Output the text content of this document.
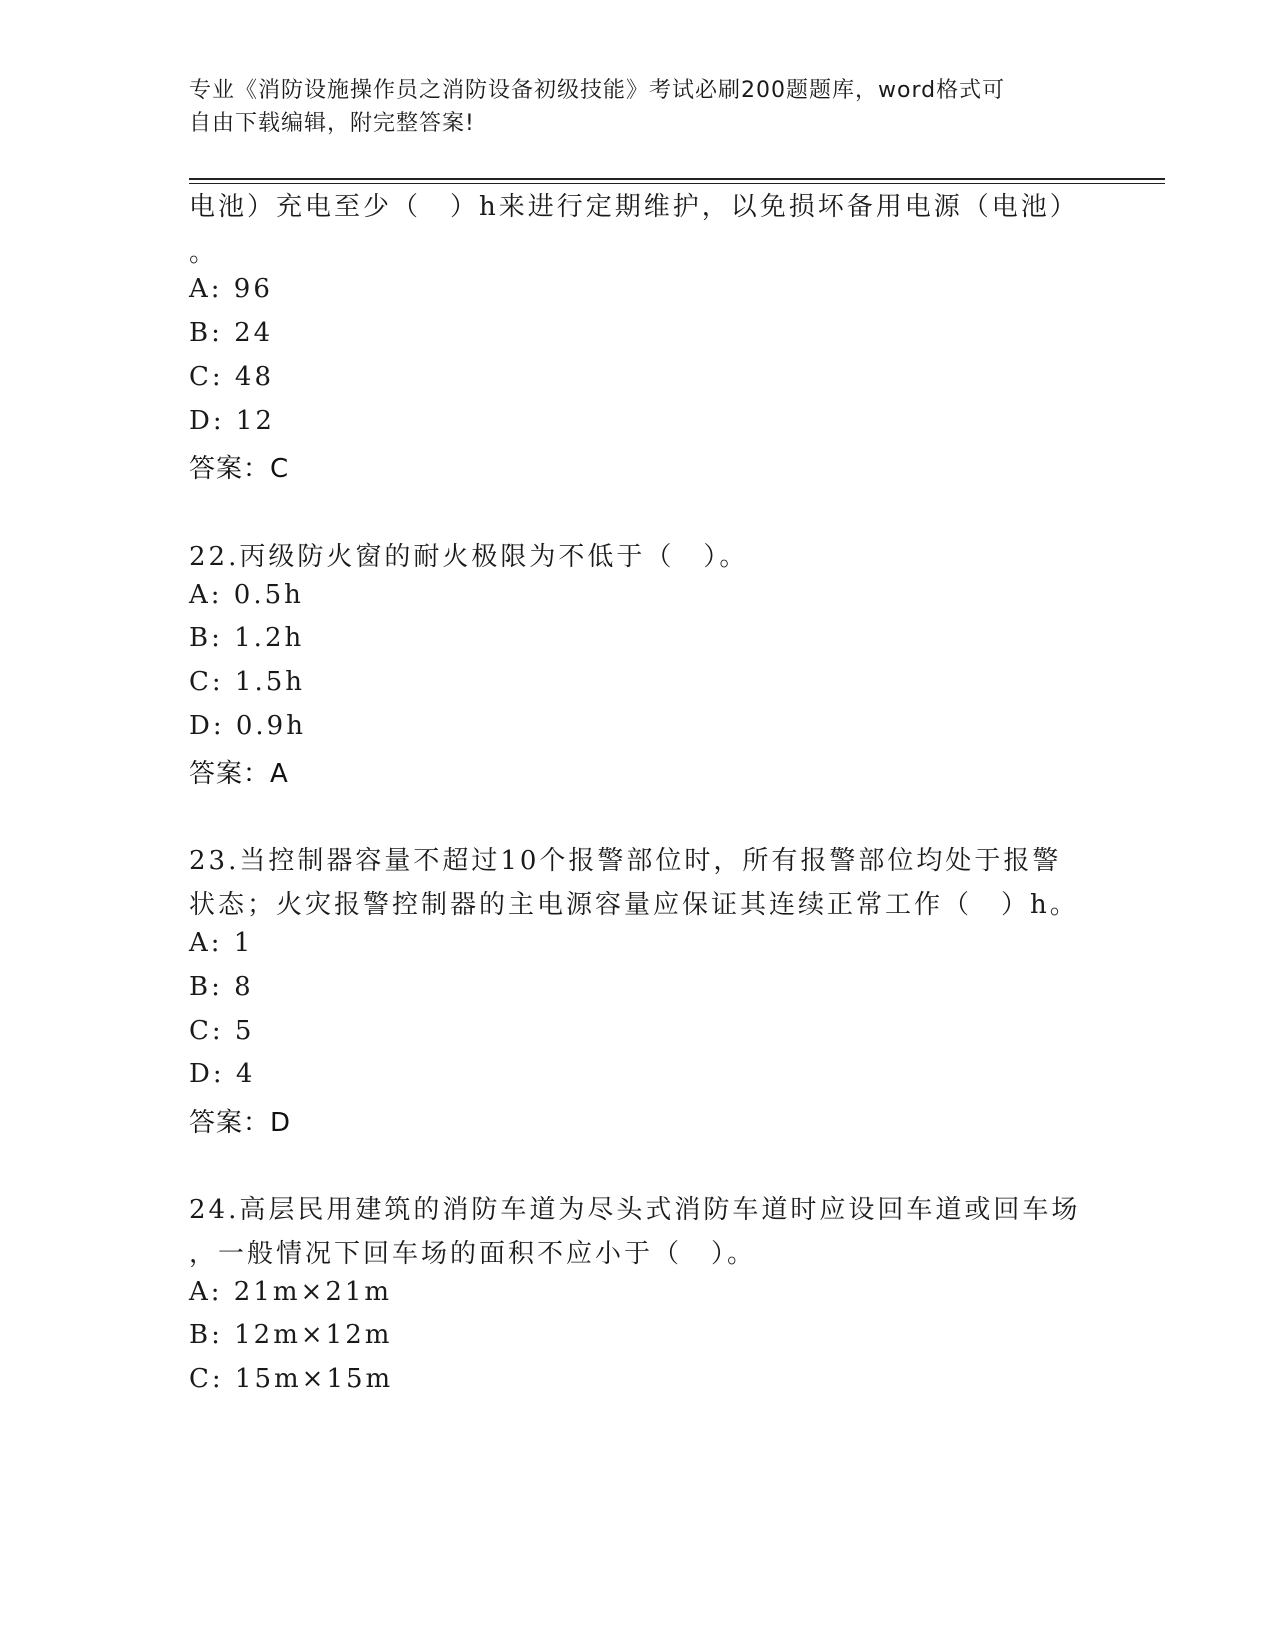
专业《消防设施操作员之消防设备初级技能》考试必刷200题题库，word格式可
自由下载编辑，附完整答案!
电池）充电至少（　）h来进行定期维护，以免损坏备用电源（电池）
。
A: 96
B: 24
C: 48
D: 12
答案：C
22.丙级防火窗的耐火极限为不低于（　）。
A: 0.5h
B: 1.2h
C: 1.5h
D: 0.9h
答案：A
23.当控制器容量不超过10个报警部位时，所有报警部位均处于报警
状态；火灾报警控制器的主电源容量应保证其连续正常工作（　）h。
A: 1
B: 8
C: 5
D: 4
答案：D
24.高层民用建筑的消防车道为尽头式消防车道时应设回车道或回车场
，一般情况下回车场的面积不应小于（　）。
A: 21m×21m
B: 12m×12m
C: 15m×15m
